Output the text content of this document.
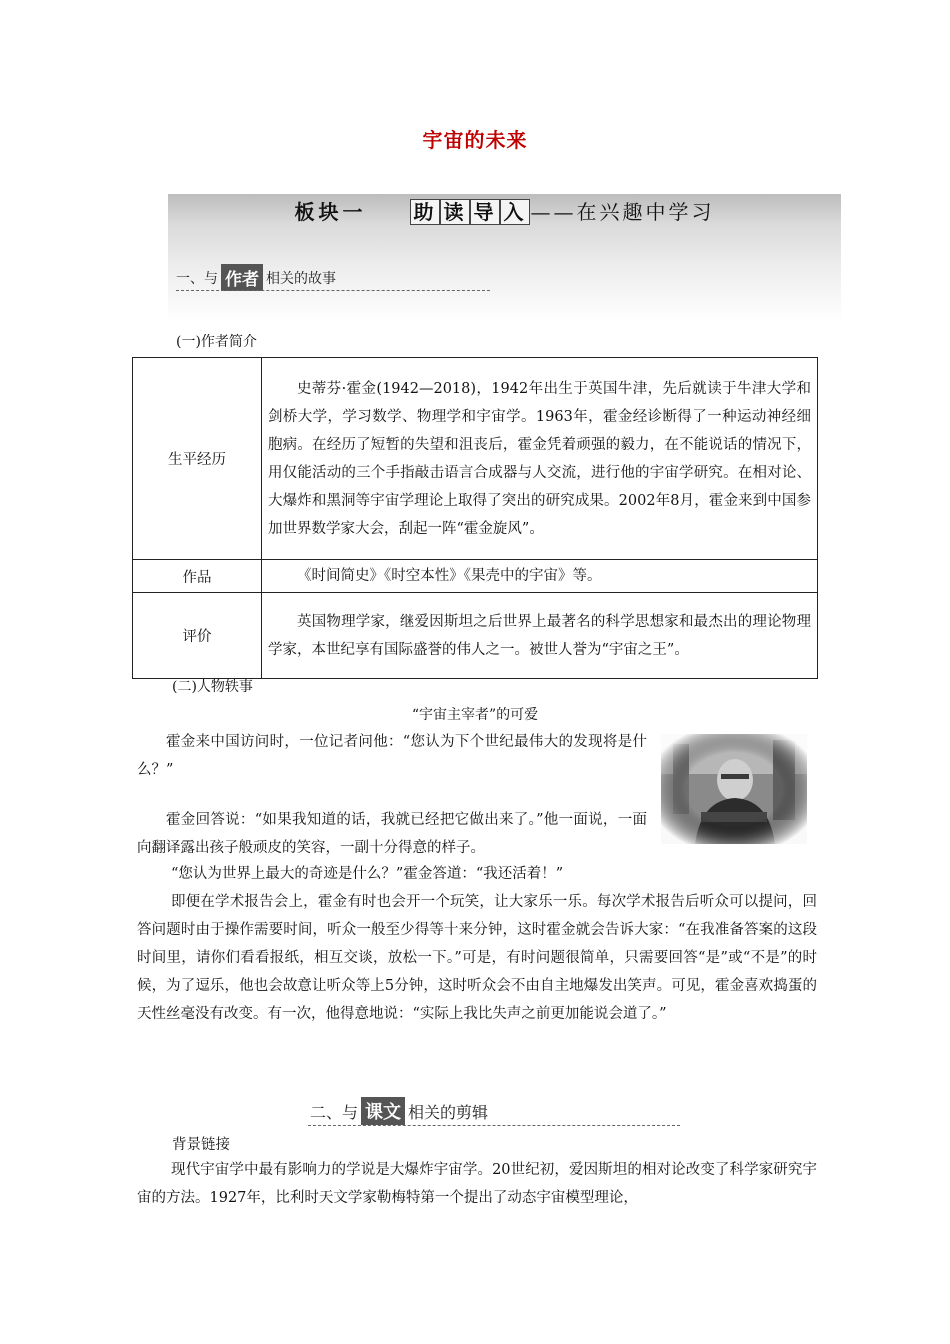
宇宙的未来
板块一 助 读 导 入 ——在兴趣中学习
一、与 作者 相关的故事
(一)作者简介
生平经历	史蒂芬·霍金(1942—2018)，1942年出生于英国牛津，先后就读于牛津大学和剑桥大学，学习数学、物理学和宇宙学。1963年，霍金经诊断得了一种运动神经细胞病。在经历了短暂的失望和沮丧后，霍金凭着顽强的毅力，在不能说话的情况下，用仅能活动的三个手指敲击语言合成器与人交流，进行他的宇宙学研究。在相对论、大爆炸和黑洞等宇宙学理论上取得了突出的研究成果。2002年8月，霍金来到中国参加世界数学家大会，刮起一阵“霍金旋风”。
作品	《时间简史》《时空本性》《果壳中的宇宙》等。
评价	英国物理学家，继爱因斯坦之后世界上最著名的科学思想家和最杰出的理论物理学家，本世纪享有国际盛誉的伟人之一。被世人誉为“宇宙之王”。
(二)人物轶事
“宇宙主宰者”的可爱
霍金来中国访问时，一位记者问他：“您认为下个世纪最伟大的发现将是什么？”
霍金回答说：“如果我知道的话，我就已经把它做出来了。”他一面说，一面向翻译露出孩子般顽皮的笑容，一副十分得意的样子。
“您认为世界上最大的奇迹是什么？”霍金答道：“我还活着！”
即便在学术报告会上，霍金有时也会开一个玩笑，让大家乐一乐。每次学术报告后听众可以提问，回答问题时由于操作需要时间，听众一般至少得等十来分钟，这时霍金就会告诉大家：“在我准备答案的这段时间里，请你们看看报纸，相互交谈，放松一下。”可是，有时问题很简单，只需要回答“是”或“不是”的时候，为了逗乐，他也会故意让听众等上5分钟，这时听众会不由自主地爆发出笑声。可见，霍金喜欢捣蛋的天性丝毫没有改变。有一次，他得意地说：“实际上我比失声之前更加能说会道了。”
二、与 课文 相关的剪辑
背景链接
现代宇宙学中最有影响力的学说是大爆炸宇宙学。20世纪初，爱因斯坦的相对论改变了科学家研究宇宙的方法。1927年，比利时天文学家勒梅特第一个提出了动态宇宙模型理论，
